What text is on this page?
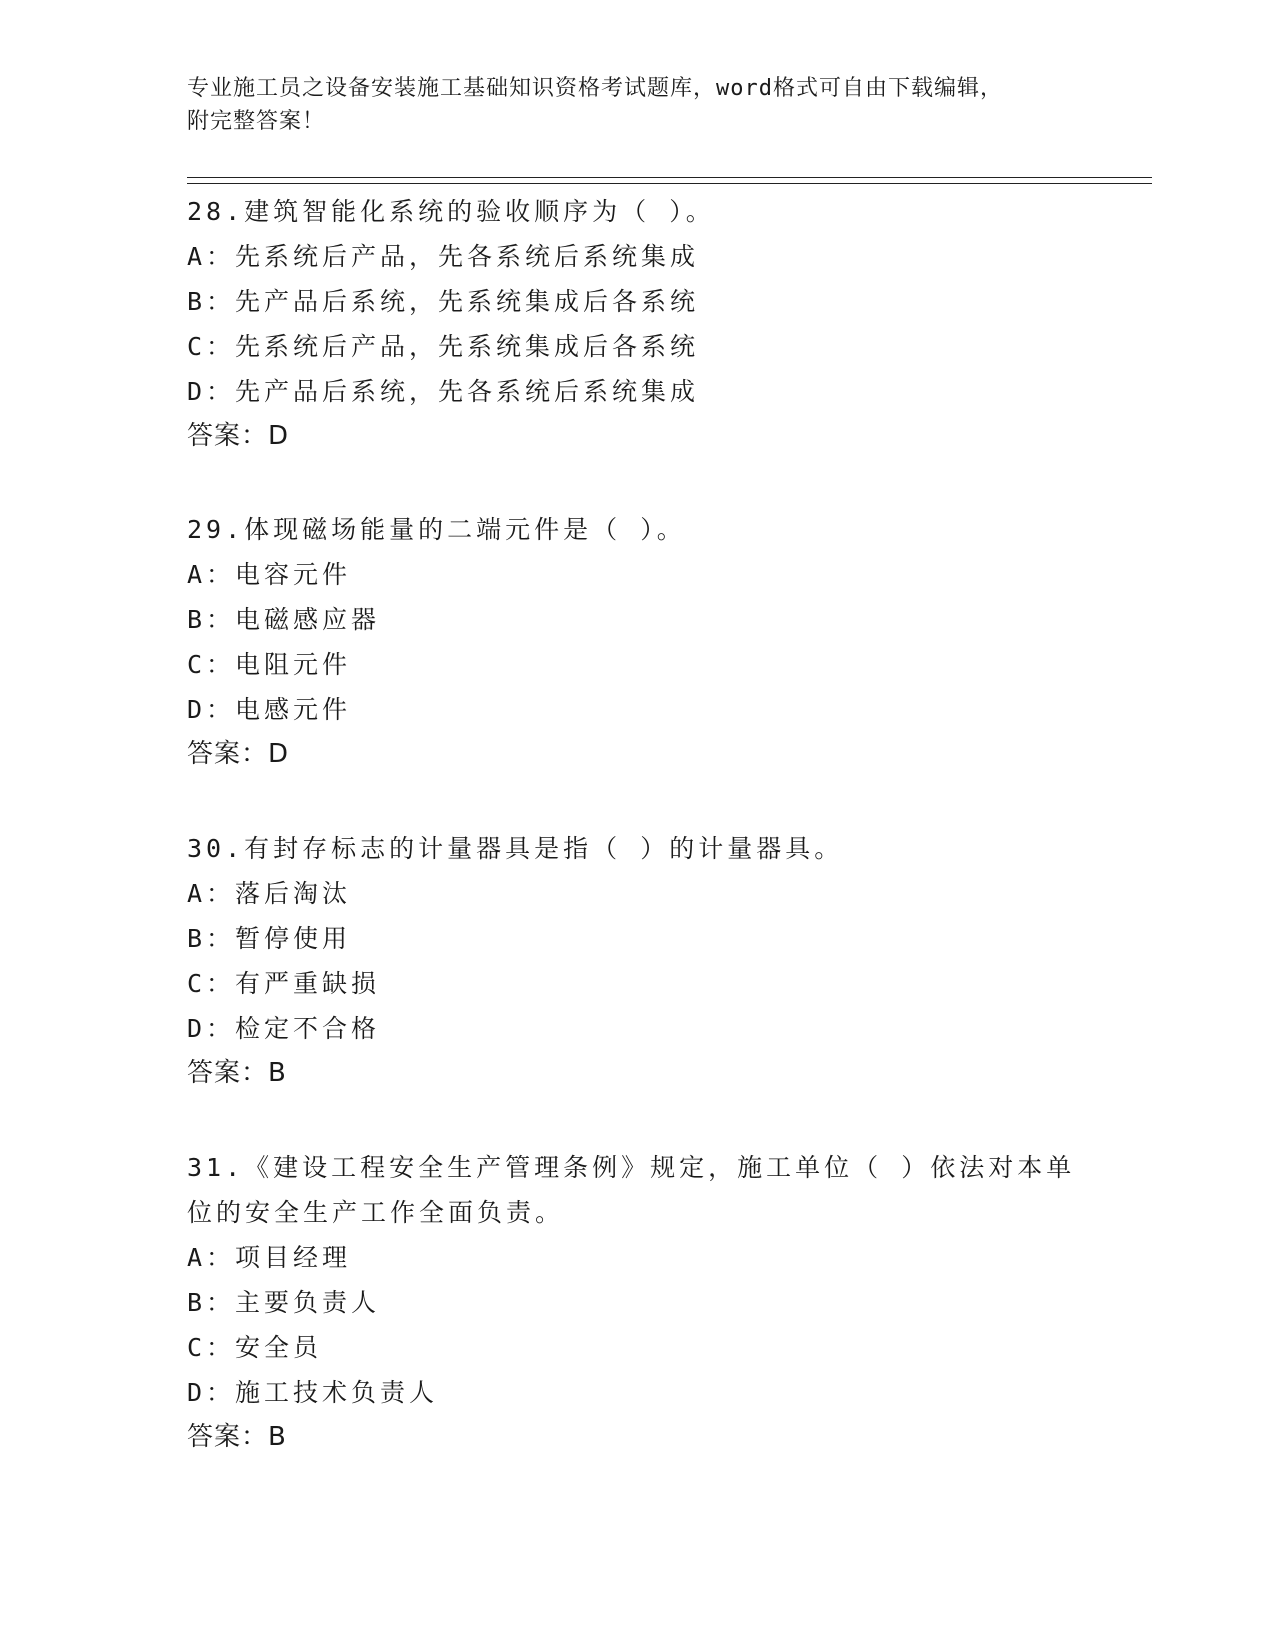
专业施工员之设备安装施工基础知识资格考试题库，word格式可自由下载编辑，
附完整答案！
28.建筑智能化系统的验收顺序为（ ）。
A：先系统后产品，先各系统后系统集成
B：先产品后系统，先系统集成后各系统
C：先系统后产品，先系统集成后各系统
D：先产品后系统，先各系统后系统集成
答案：D
29.体现磁场能量的二端元件是（ ）。
A：电容元件
B：电磁感应器
C：电阻元件
D：电感元件
答案：D
30.有封存标志的计量器具是指（ ）的计量器具。
A：落后淘汰
B：暂停使用
C：有严重缺损
D：检定不合格
答案：B
31.《建设工程安全生产管理条例》规定，施工单位（ ）依法对本单
位的安全生产工作全面负责。
A：项目经理
B：主要负责人
C：安全员
D：施工技术负责人
答案：B
